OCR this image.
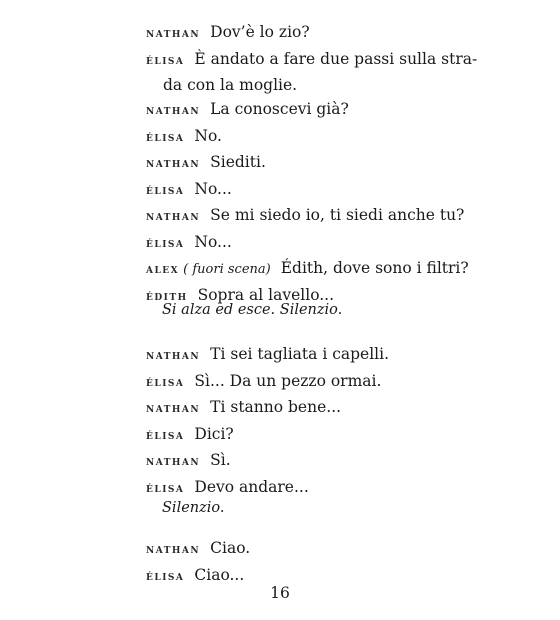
nathan Dov’è lo zio?
élisa È andato a fare due passi sulla stra-
da con la moglie.
nathan La conoscevi già?
élisa No.
nathan Siediti.
élisa No...
nathan Se mi siedo io, ti siedi anche tu?
élisa No...
alex ( fuori scena) Édith, dove sono i filtri?
édith Sopra al lavello...
Si alza ed esce. Silenzio.
nathan Ti sei tagliata i capelli.
élisa Sì... Da un pezzo ormai.
nathan Ti stanno bene...
élisa Dici?
nathan Sì.
élisa Devo andare...
Silenzio.
nathan Ciao.
élisa Ciao...
16
